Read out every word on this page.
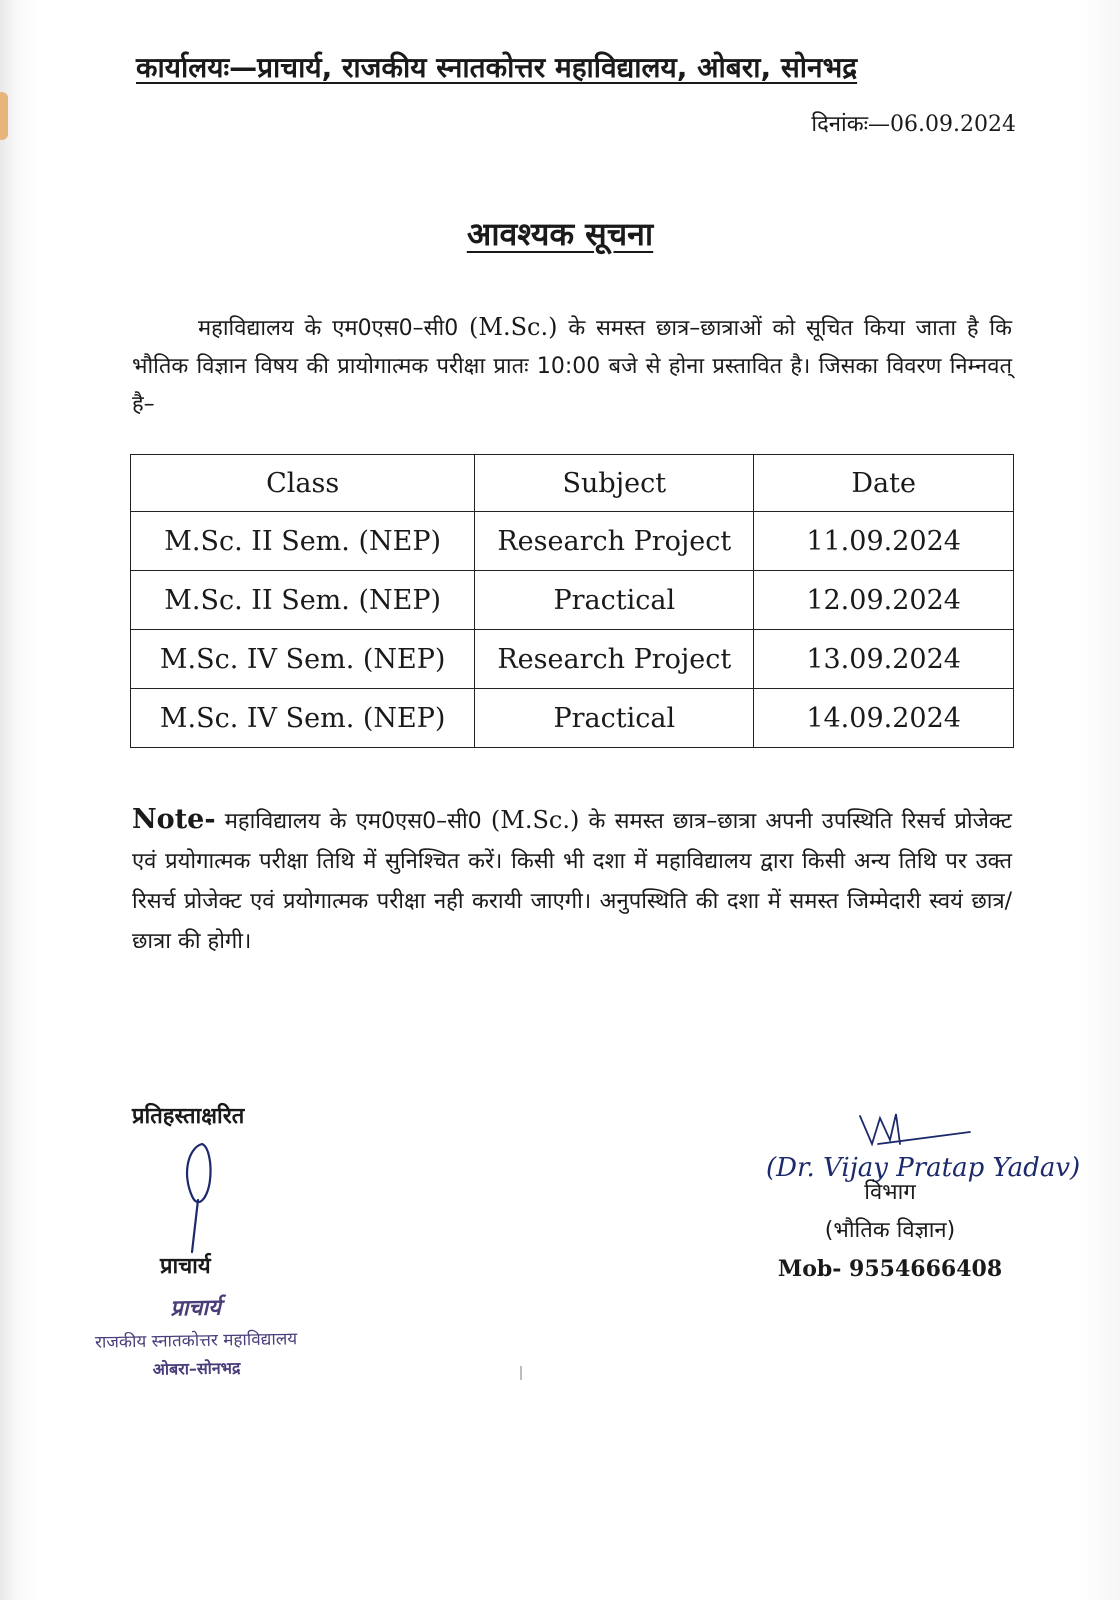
कार्यालयः—प्राचार्य, राजकीय स्नातकोत्तर महाविद्यालय, ओबरा, सोनभद्र
दिनांकः—06.09.2024
आवश्यक सूचना
महाविद्यालय के एम0एस0–सी0 (M.Sc.) के समस्त छात्र–छात्राओं को सूचित किया जाता है कि भौतिक विज्ञान विषय की प्रायोगात्मक परीक्षा प्रातः 10:00 बजे से होना प्रस्तावित है। जिसका विवरण निम्नवत् है–
Class	Subject	Date
M.Sc. II Sem. (NEP)	Research Project	11.09.2024
M.Sc. II Sem. (NEP)	Practical	12.09.2024
M.Sc. IV Sem. (NEP)	Research Project	13.09.2024
M.Sc. IV Sem. (NEP)	Practical	14.09.2024
Note- महाविद्यालय के एम0एस0–सी0 (M.Sc.) के समस्त छात्र–छात्रा अपनी उपस्थिति रिसर्च प्रोजेक्ट एवं प्रयोगात्मक परीक्षा तिथि में सुनिश्चित करें। किसी भी दशा में महाविद्यालय द्वारा किसी अन्य तिथि पर उक्त रिसर्च प्रोजेक्ट एवं प्रयोगात्मक परीक्षा नही करायी जाएगी। अनुपस्थिति की दशा में समस्त जिम्मेदारी स्वयं छात्र/छात्रा की होगी।
प्रतिहस्ताक्षरित
प्राचार्य
प्राचार्य
राजकीय स्नातकोत्तर महाविद्यालय
ओबरा–सोनभद्र
(Dr. Vijay Pratap Yadav)
विभाग
(भौतिक विज्ञान)
Mob- 9554666408
